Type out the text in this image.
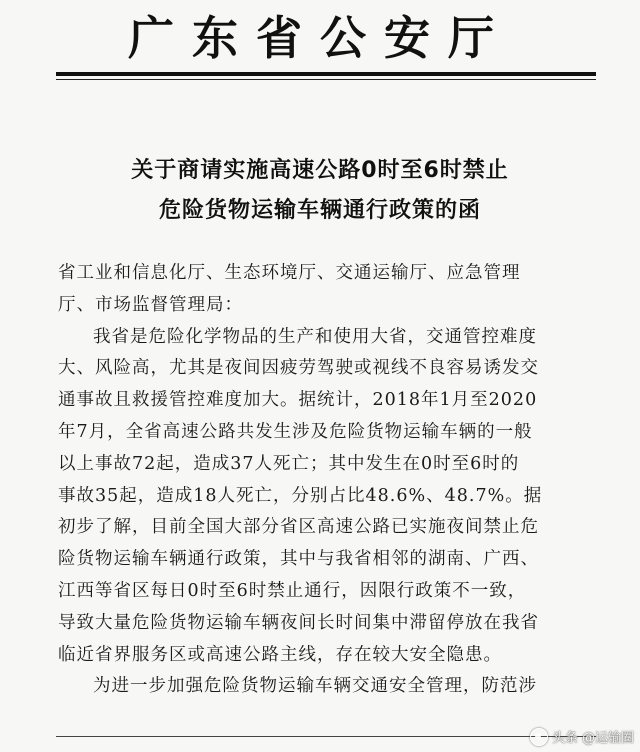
广东省公安厅
关于商请实施高速公路0时至6时禁止
危险货物运输车辆通行政策的函
省工业和信息化厅、生态环境厅、交通运输厅、应急管理
厅、市场监督管理局：
我省是危险化学物品的生产和使用大省，交通管控难度
大、风险高，尤其是夜间因疲劳驾驶或视线不良容易诱发交
通事故且救援管控难度加大。据统计，2018年1月至2020
年7月，全省高速公路共发生涉及危险货物运输车辆的一般
以上事故72起，造成37人死亡；其中发生在0时至6时的
事故35起，造成18人死亡，分别占比48.6%、48.7%。据
初步了解，目前全国大部分省区高速公路已实施夜间禁止危
险货物运输车辆通行政策，其中与我省相邻的湖南、广西、
江西等省区每日0时至6时禁止通行，因限行政策不一致，
导致大量危险货物运输车辆夜间长时间集中滞留停放在我省
临近省界服务区或高速公路主线，存在较大安全隐患。
为进一步加强危险货物运输车辆交通安全管理，防范涉
头条 @运输圈
